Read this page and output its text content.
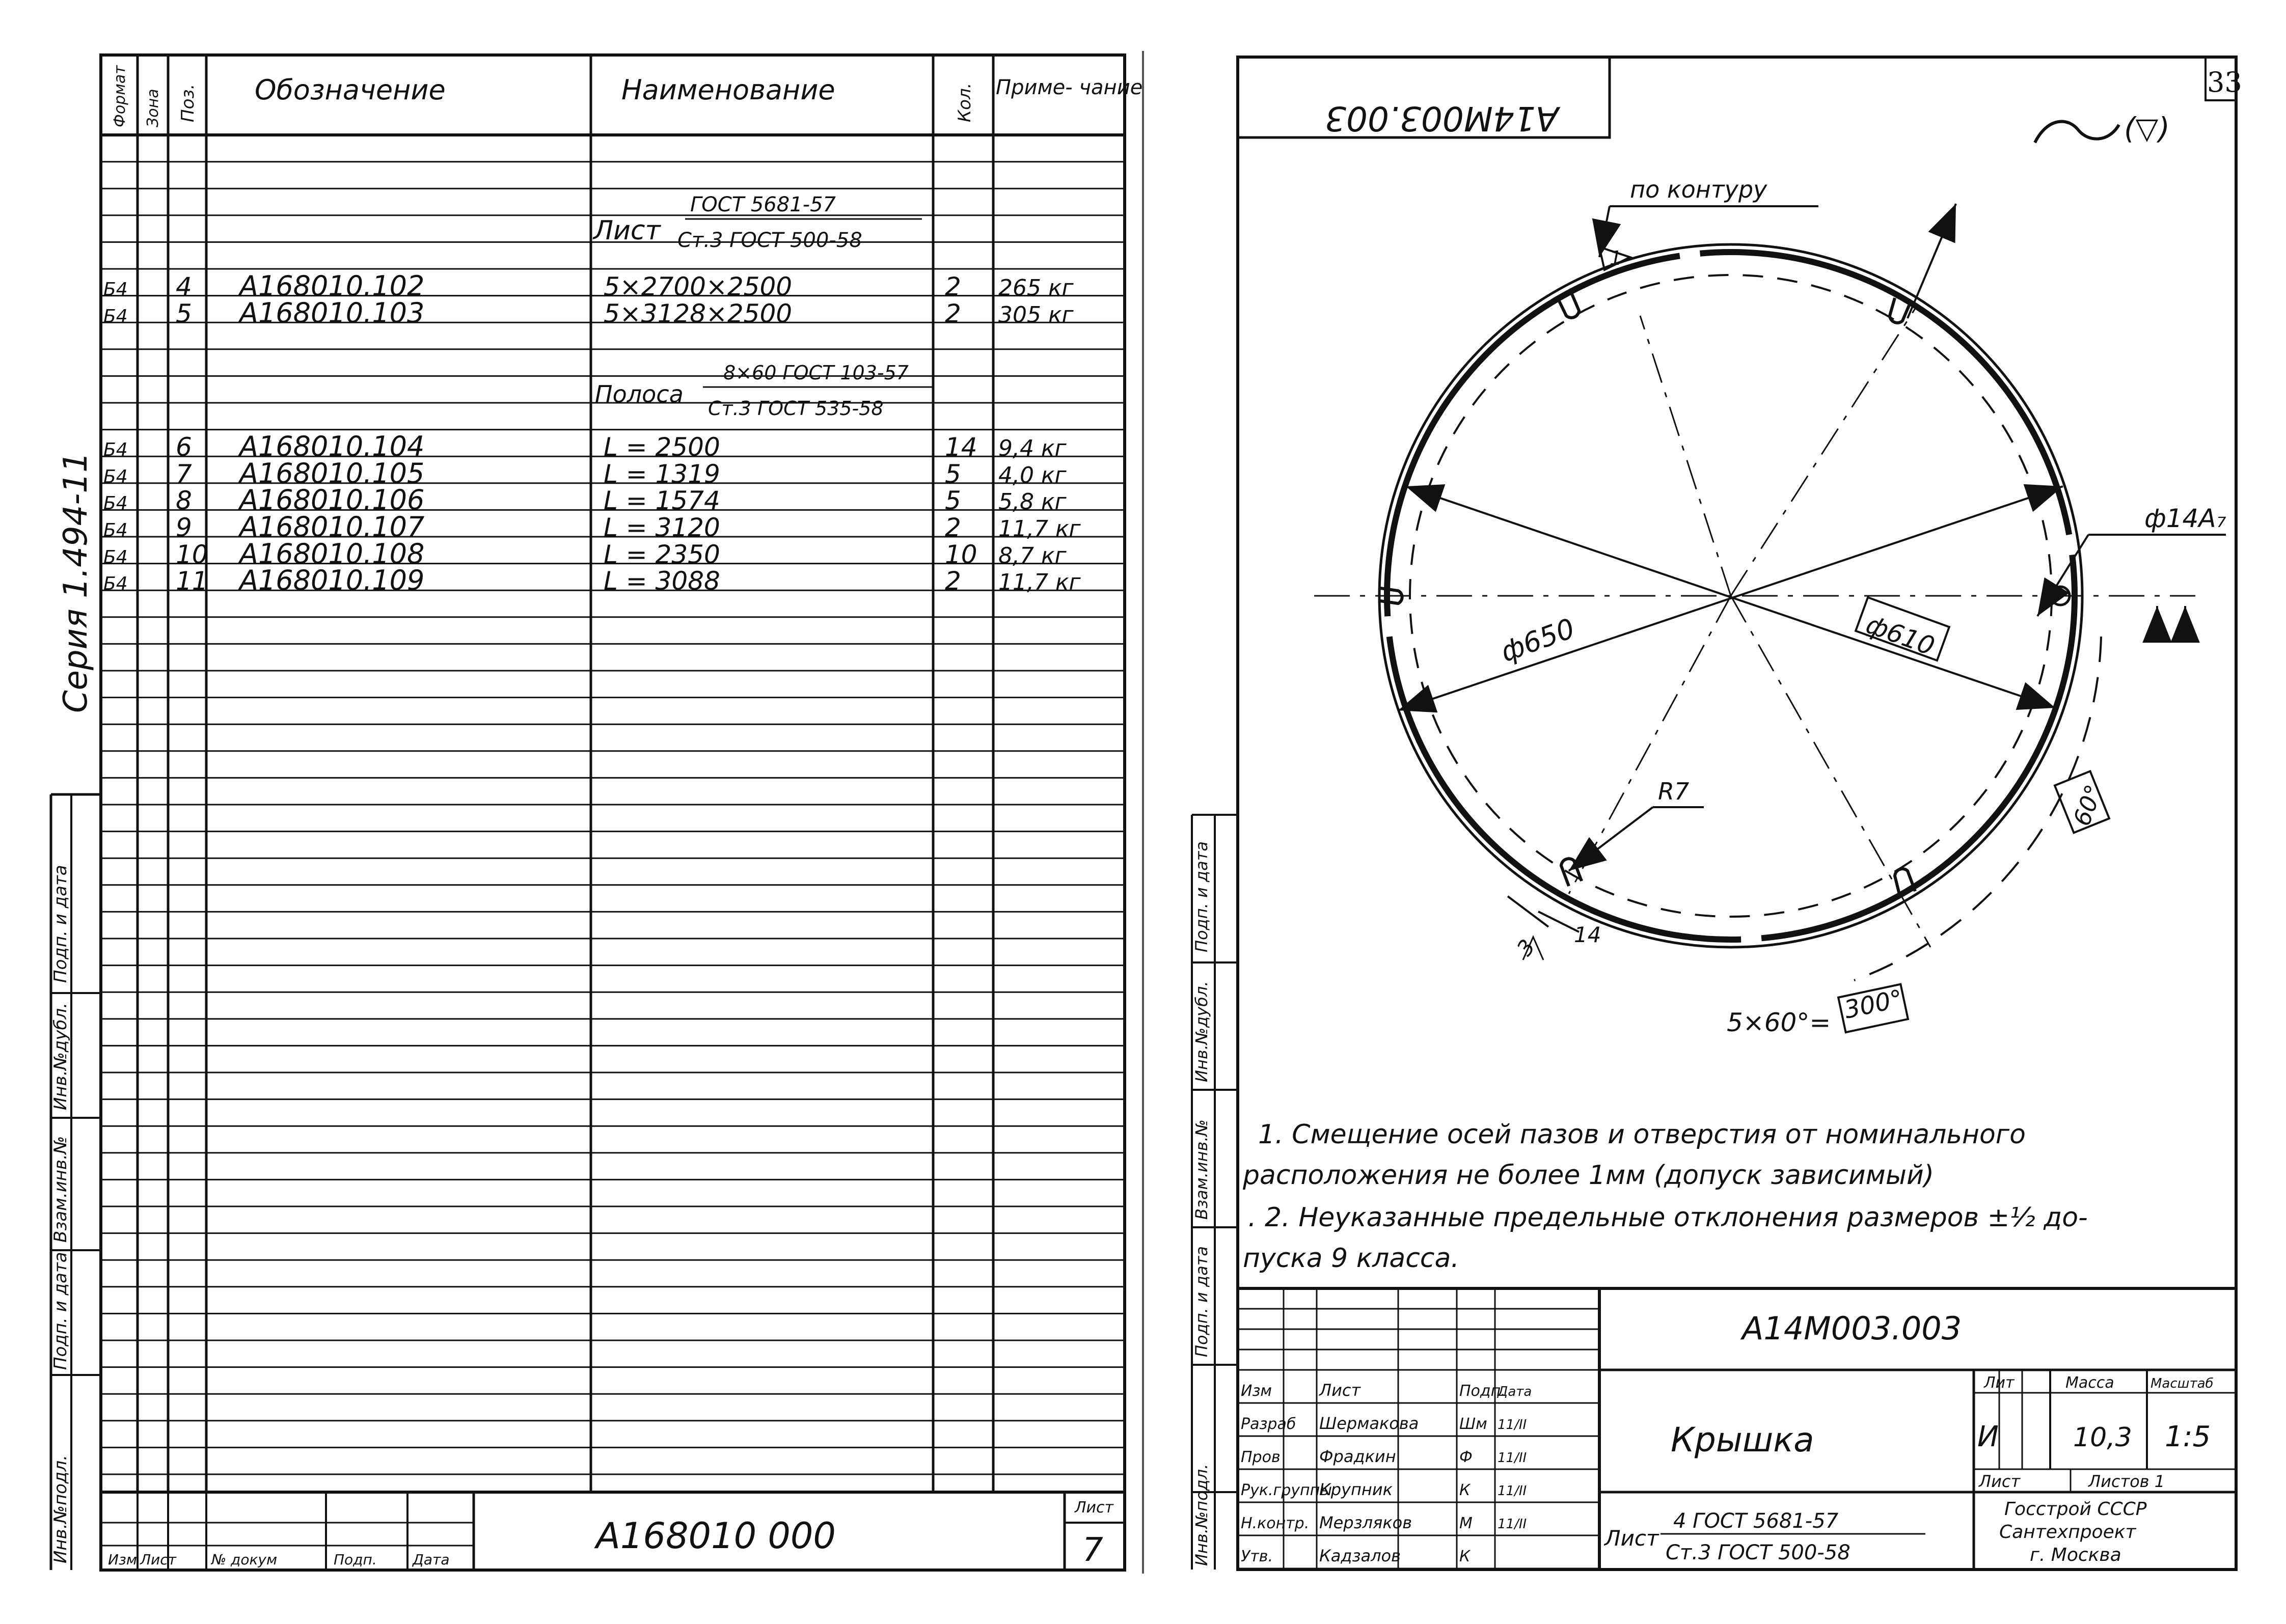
Серия 1.494-11
Подп. и дата
Инв.№дубл.
Взам.инв.№
Подп. и дата
Инв.№подл.
Формат Зона Поз. Обозначение	Наименование	Кол. Приме- чание
Лист
ГОСТ 5681-57
Ст.3 ГОСТ 500-58
Полоса
8×60 ГОСТ 103-57
Ст.3 ГОСТ 535-58
Б4 4 А168010.102	5×2700×2500	2 265 кг
Б4 5 А168010.103	5×3128×2500	2 305 кг
Б4 6 А168010.104	L = 2500	14 9,4 кг
Б4 7 А168010.105	L = 1319	5 4,0 кг
Б4 8 А168010.106	L = 1574	5 5,8 кг
Б4 9 А168010.107	L = 3120	2 11,7 кг
Б4 10 А168010.108	L = 2350	10 8,7 кг
Б4 11 А168010.109	L = 3088	2 11,7 кг
Изм Лист № докум	Подп.	Дата
А168010 000
Лист
7
33
А14М003.003	(▽)
по контуру
1
ф14А₇
ф650	ф610
R7
3
14
60°
5×60°= 300°
1. Смещение осей пазов и отверстия от номинального
расположения не более 1мм (допуск зависимый)
. 2. Неуказанные предельные отклонения размеров ±½ до-
пуска 9 класса.
Подп. и дата
Инв.№дубл.
Взам.инв.№
Подп. и дата
Инв.№подл.
Изм	Лист	Подп.
Дата
Разраб Шермакова	Шм 11/II
Пров Фрадкин	Ф 11/II
Рук.группы
Крупник	К 11/II
Н.контр. Мерзляков	М 11/II
Утв.	Кадзалов	К
А14М003.003
Крышка
Лист
4 ГОСТ 5681-57
Ст.3 ГОСТ 500-58
Лит	Масса	Масштаб
И	10,3 1:5
Лист	Листов 1
Госстрой СССР
Сантехпроект
г. Москва
